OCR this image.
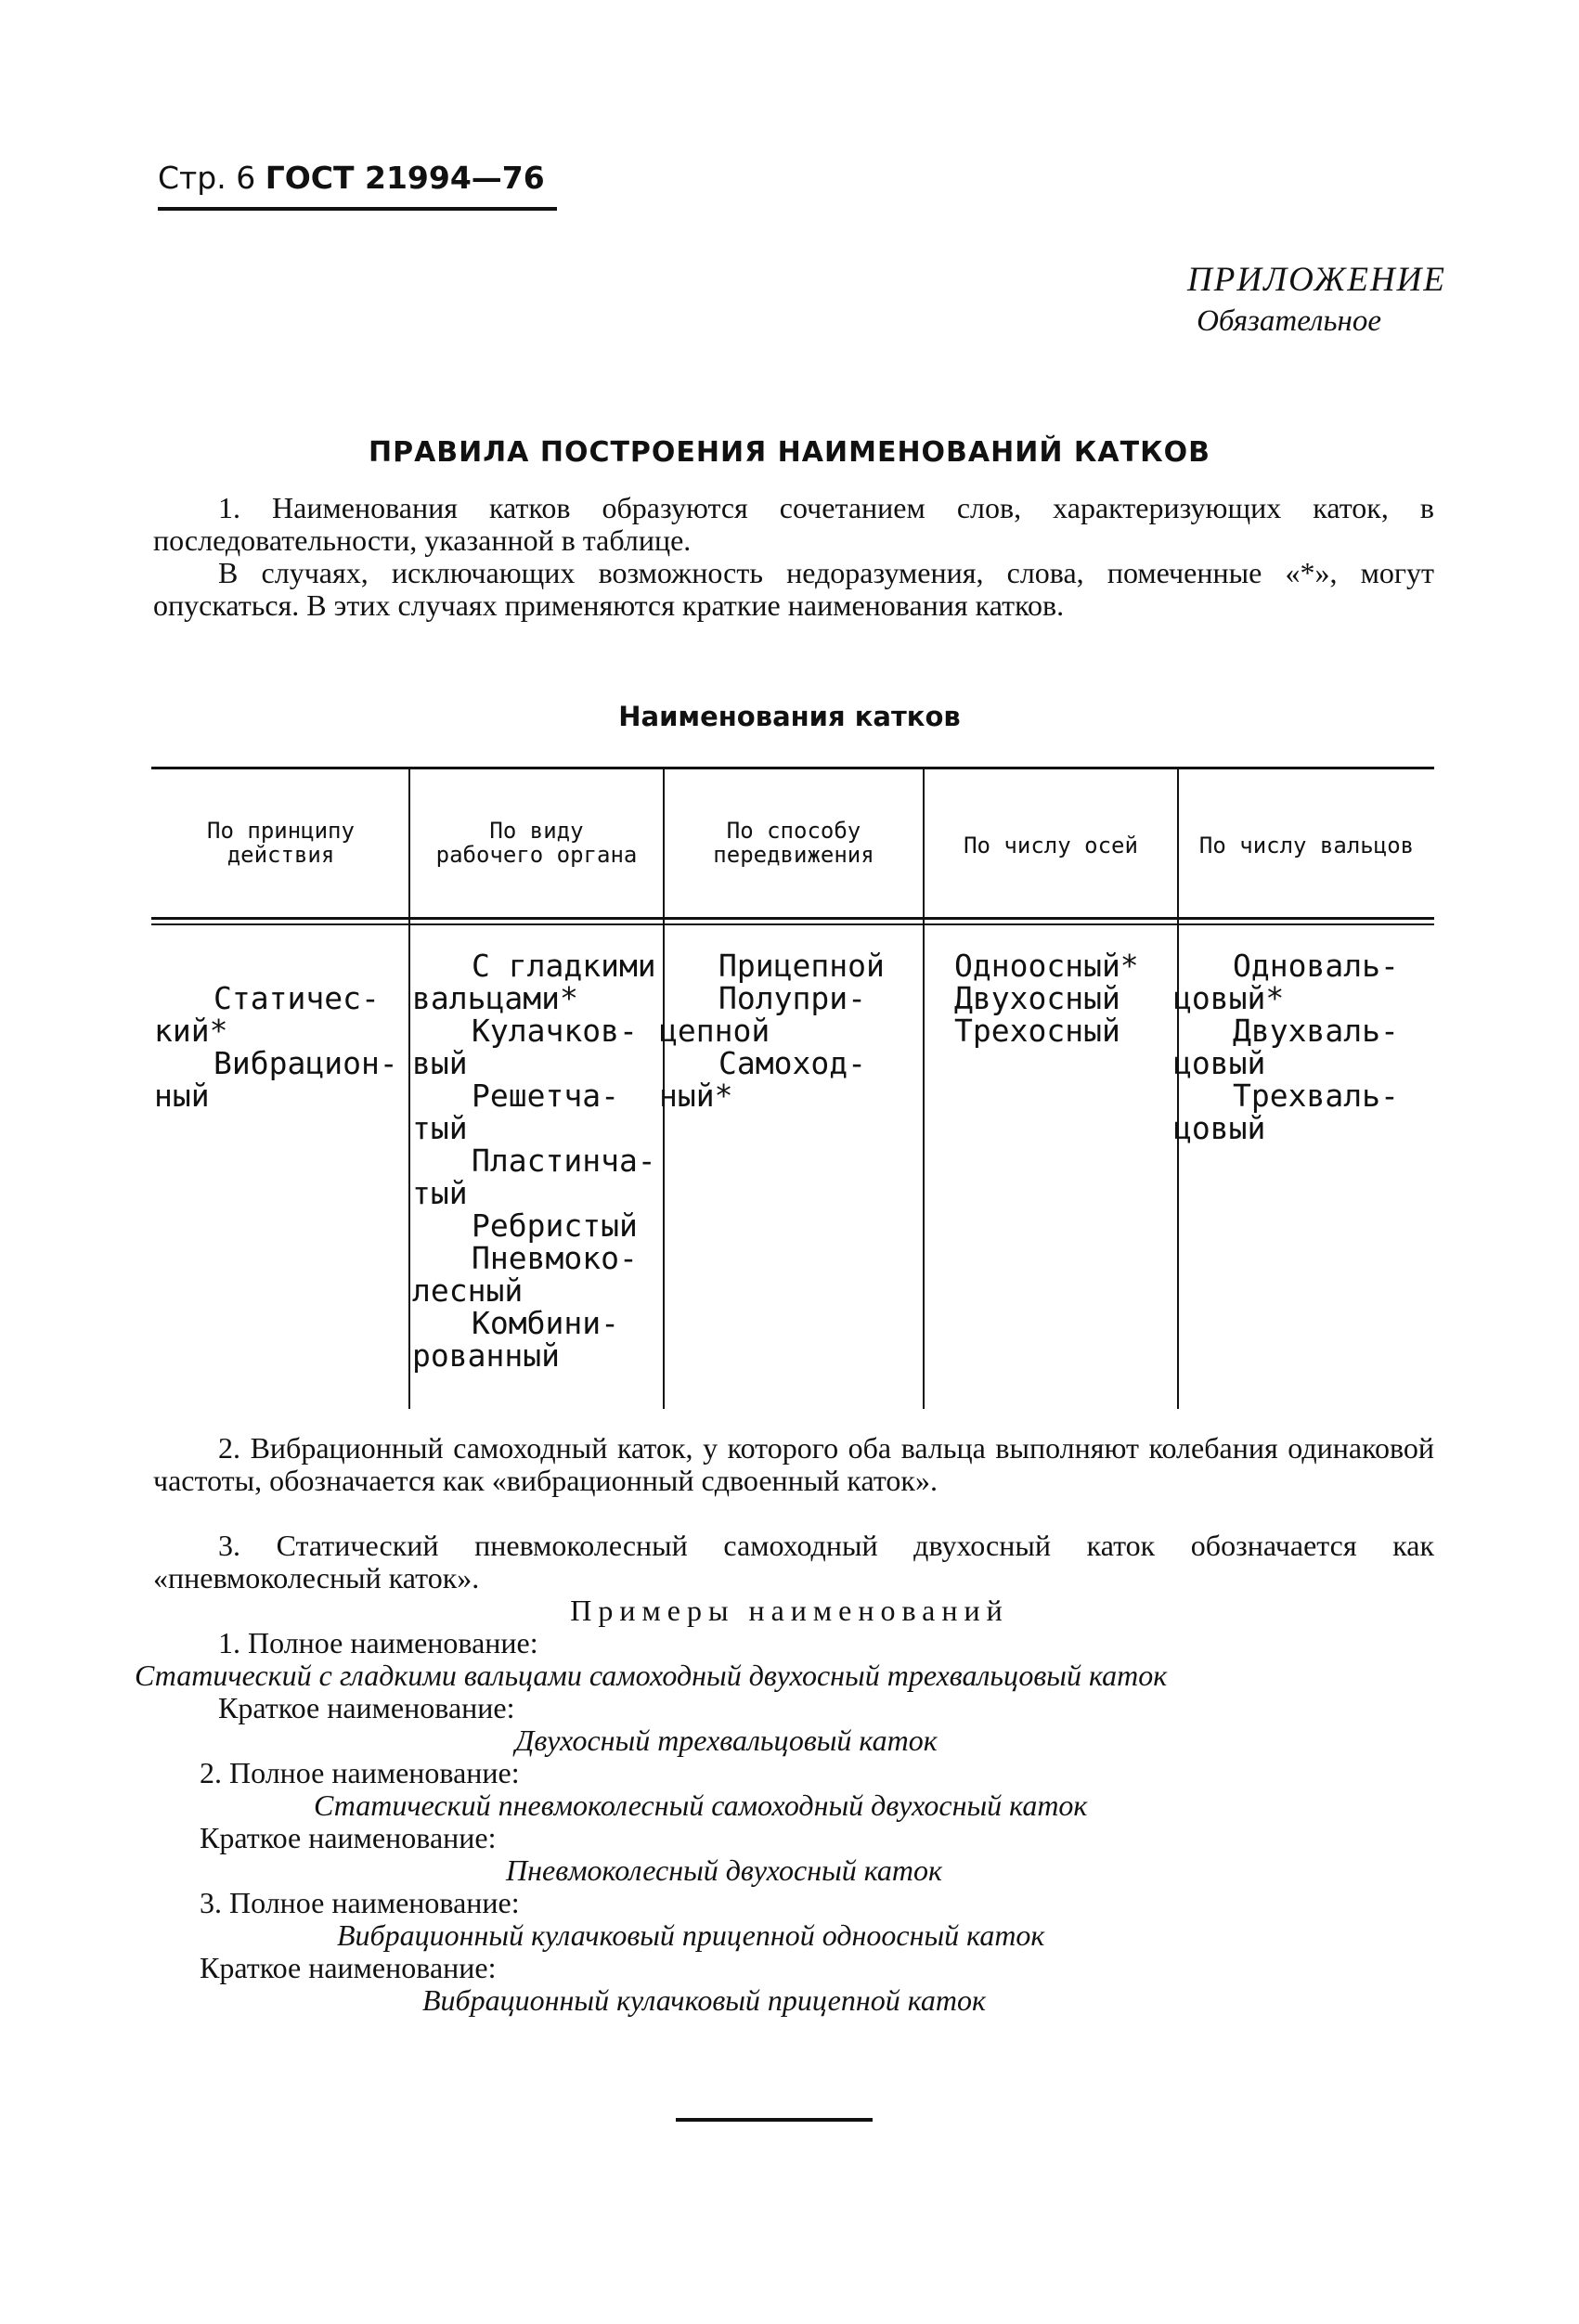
Стр. 6 ГОСТ 21994—76
ПРИЛОЖЕНИЕ
Обязательное
ПРАВИЛА ПОСТРОЕНИЯ НАИМЕНОВАНИЙ КАТКОВ
1. Наименования катков образуются сочетанием слов, характеризующих каток, в последовательности, указанной в таблице.
В случаях, исключающих возможность недоразумения, слова, помеченные «*», могут опускаться. В этих случаях применяются краткие наименования катков.
Наименования катков
По принципу
действия
По виду
рабочего органа
По способу
передвижения	По числу осей	По числу вальцов
Статичес-
кий*
Вибрацион-
ный
С гладкими
вальцами*
Кулачков-
вый
Решетча-
тый
Пластинча-
тый
Ребристый
Пневмоко-
лесный
Комбини-
рованный
Прицепной
Полупри-
цепной
Самоход-
ный*
Одноосный*
Двухосный
Трехосный
Одноваль-
цовый*
Двухваль-
цовый
Трехваль-
цовый
2. Вибрационный самоходный каток, у которого оба вальца выполняют колебания одинаковой частоты, обозначается как «вибрационный сдвоенный каток».
3. Статический пневмоколесный самоходный двухосный каток обозначается как «пневмоколесный каток».
Примеры наименований
1. Полное наименование:
Статический с гладкими вальцами самоходный двухосный трехвальцовый каток
Краткое наименование:
Двухосный трехвальцовый каток
2. Полное наименование:
Статический пневмоколесный самоходный двухосный каток
Краткое наименование:
Пневмоколесный двухосный каток
3. Полное наименование:
Вибрационный кулачковый прицепной одноосный каток
Краткое наименование:
Вибрационный кулачковый прицепной каток
